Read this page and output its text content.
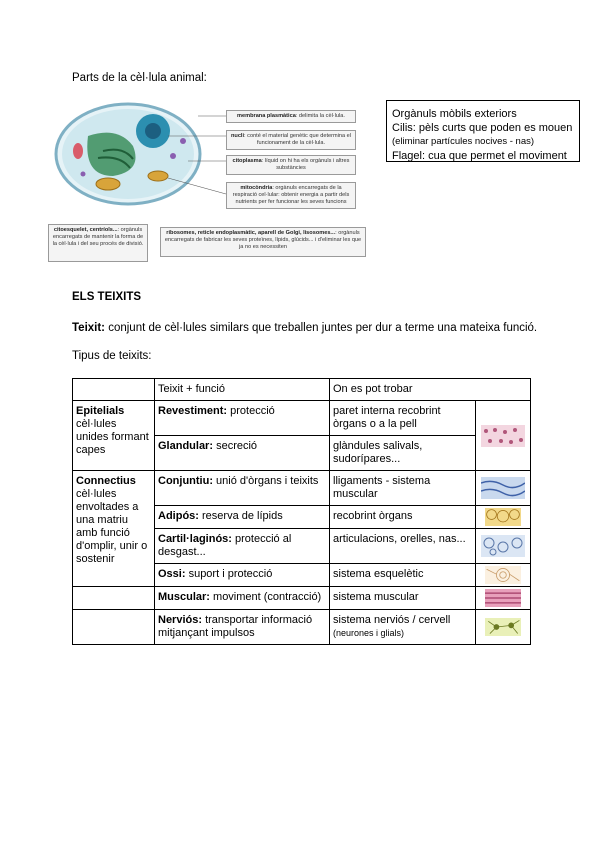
Parts de la cèl·lula animal:
membrana plasmàtica: delimita la cèl·lula.
nucli: conté el material genètic que determina el funcionament de la cèl·lula.
citoplasma: líquid on hi ha els orgànuls i altres substàncies
mitocòndria: orgànuls encarregats de la respiració cel·lular: obtenir energia a partir dels nutrients per fer funcionar les seves funcions
citoesquelet, centríols...: orgànuls encarregats de mantenir la forma de la cèl·lula i del seu procés de divisió.
ribosomes, reticle endoplasmàtic, aparell de Golgi, lisosomes...: orgànuls encarregats de fabricar les seves proteïnes, lípids, glúcids... i d'eliminar les que ja no es necessiten
Orgànuls mòbils exteriors
Cilis: pèls curts que poden es mouen
(eliminar partícules nocives - nas)
Flagel: cua que permet el moviment
ELS TEIXITS
Teixit: conjunt de cèl·lules similars que treballen juntes per dur a terme una mateixa funció.
Tipus de teixits:
	Teixit + funció	On es pot trobar	
Epitelials
cèl·lules unides formant capes	Revestiment: protecció	paret interna recobrint òrgans o a la pell	

	Glandular: secreció	glàndules salivals, sudorípares...	
Connectius
cèl·lules envoltades a una matriu amb funció d'omplir, unir o sostenir	Conjuntiu: unió d'òrgans i teixits	lligaments - sistema muscular	

	Adipós: reserva de lípids	recobrint òrgans	

	Cartil·laginós: protecció al desgast...	articulacions, orelles, nas...	

	Ossi: suport i protecció	sistema esquelètic	

	Muscular: moviment (contracció)	sistema muscular	

	Nerviós: transportar informació mitjançant impulsos	sistema nerviós / cervell
(neurones i glials)	
